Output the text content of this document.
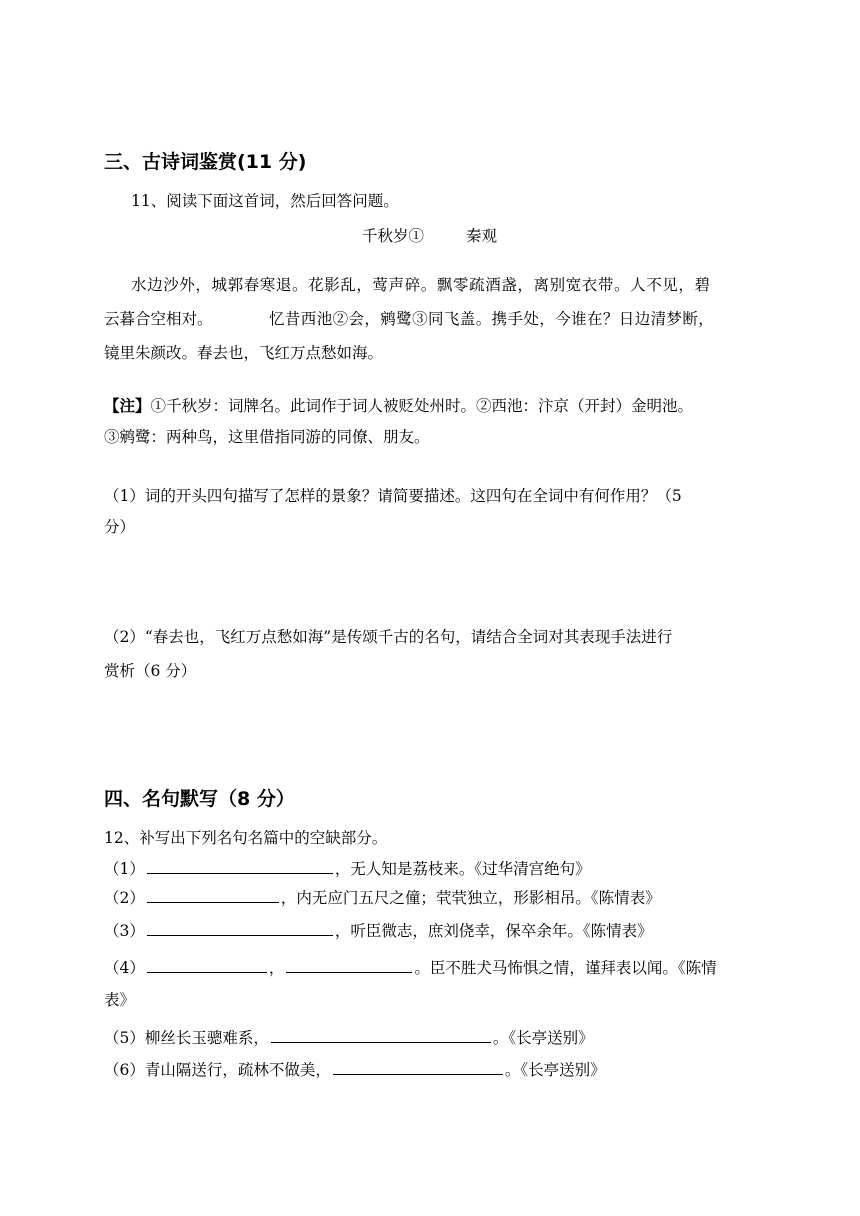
三、古诗词鉴赏(11 分)
11、阅读下面这首词，然后回答问题。
千秋岁①	秦观
水边沙外，城郭春寒退。花影乱，莺声碎。飘零疏酒盏，离别宽衣带。人不见，碧
云暮合空相对。	忆昔西池②会，鹓鹭③同飞盖。携手处，今谁在？日边清梦断，
镜里朱颜改。春去也，飞红万点愁如海。
【注】①千秋岁：词牌名。此词作于词人被贬处州时。②西池：汴京（开封）金明池。
③鹓鹭：两种鸟，这里借指同游的同僚、朋友。
（1）词的开头四句描写了怎样的景象？请简要描述。这四句在全词中有何作用？（5
分）
（2）“春去也，飞红万点愁如海”是传颂千古的名句，请结合全词对其表现手法进行
赏析（6 分）
四、名句默写（8 分）
12、补写出下列名句名篇中的空缺部分。
（1）	，无人知是荔枝来。《过华清宫绝句》
（2）	，内无应门五尺之僮；茕茕独立，形影相吊。《陈情表》
（3）	，听臣微志，庶刘侥幸，保卒余年。《陈情表》
（4）	，	。臣不胜犬马怖惧之情，谨拜表以闻。《陈情
表》
（5）柳丝长玉骢难系，	。《长亭送别》
（6）青山隔送行，疏林不做美，	。《长亭送别》
